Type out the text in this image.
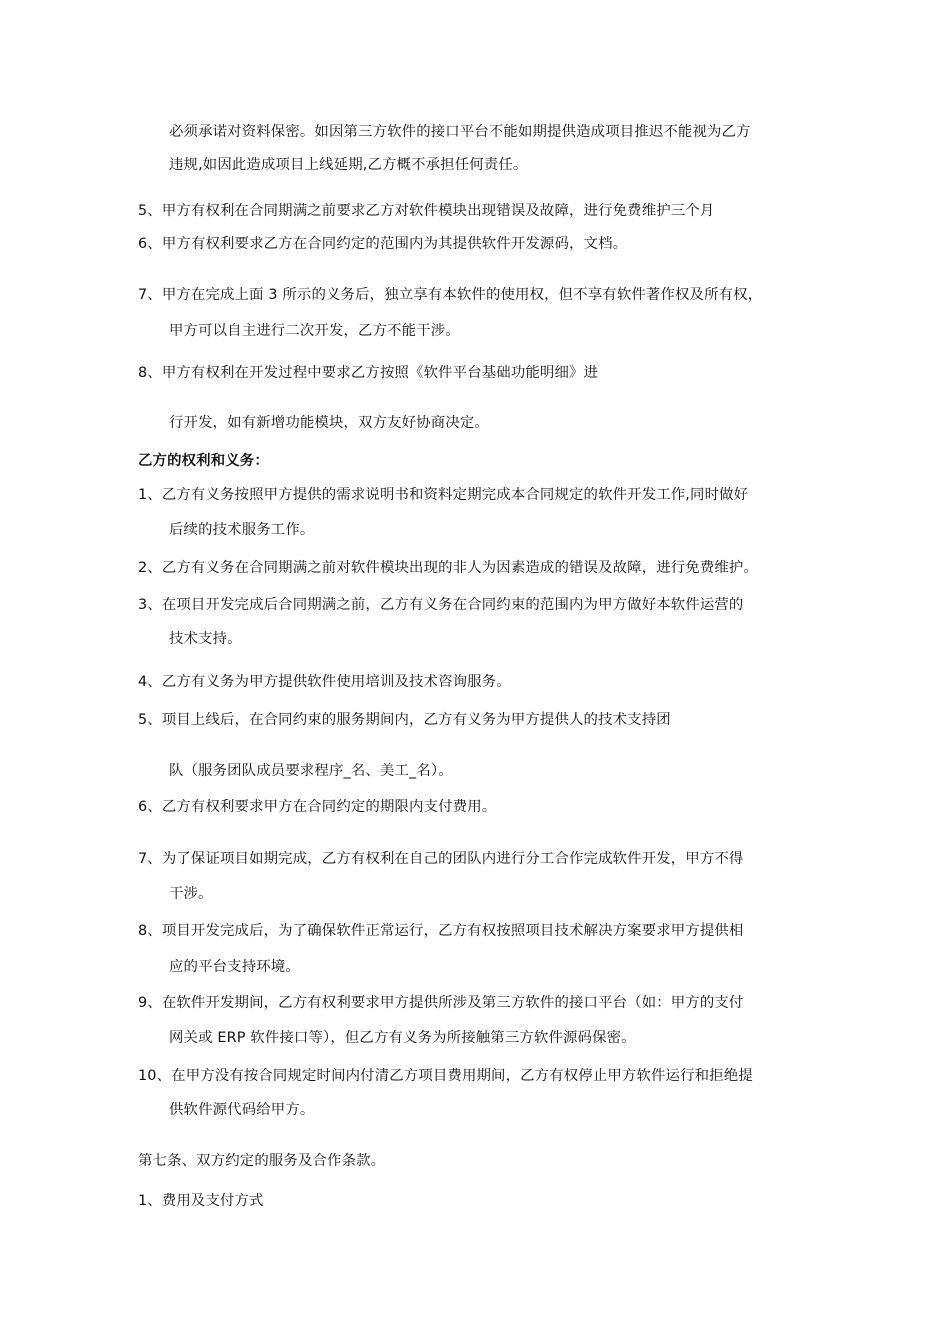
必须承诺对资料保密。如因第三方软件的接口平台不能如期提供造成项目推迟不能视为乙方
违规,如因此造成项目上线延期,乙方概不承担任何责任。
5、甲方有权利在合同期满之前要求乙方对软件模块出现错误及故障，进行免费维护三个月
6、甲方有权利要求乙方在合同约定的范围内为其提供软件开发源码，文档。
7、甲方在完成上面 3 所示的义务后，独立享有本软件的使用权，但不享有软件著作权及所有权，
甲方可以自主进行二次开发，乙方不能干涉。
8、甲方有权利在开发过程中要求乙方按照《软件平台基础功能明细》进
行开发，如有新增功能模块，双方友好协商决定。
乙方的权利和义务：
1、乙方有义务按照甲方提供的需求说明书和资料定期完成本合同规定的软件开发工作,同时做好
后续的技术服务工作。
2、乙方有义务在合同期满之前对软件模块出现的非人为因素造成的错误及故障，进行免费维护。
3、在项目开发完成后合同期满之前，乙方有义务在合同约束的范围内为甲方做好本软件运营的
技术支持。
4、乙方有义务为甲方提供软件使用培训及技术咨询服务。
5、项目上线后，在合同约束的服务期间内，乙方有义务为甲方提供人的技术支持团
队（服务团队成员要求程序_名、美工_名）。
6、乙方有权利要求甲方在合同约定的期限内支付费用。
7、为了保证项目如期完成，乙方有权利在自己的团队内进行分工合作完成软件开发，甲方不得
干涉。
8、项目开发完成后，为了确保软件正常运行，乙方有权按照项目技术解决方案要求甲方提供相
应的平台支持环境。
9、在软件开发期间，乙方有权利要求甲方提供所涉及第三方软件的接口平台（如：甲方的支付
网关或 ERP 软件接口等），但乙方有义务为所接触第三方软件源码保密。
10、在甲方没有按合同规定时间内付清乙方项目费用期间，乙方有权停止甲方软件运行和拒绝提
供软件源代码给甲方。
第七条、双方约定的服务及合作条款。
1、费用及支付方式
